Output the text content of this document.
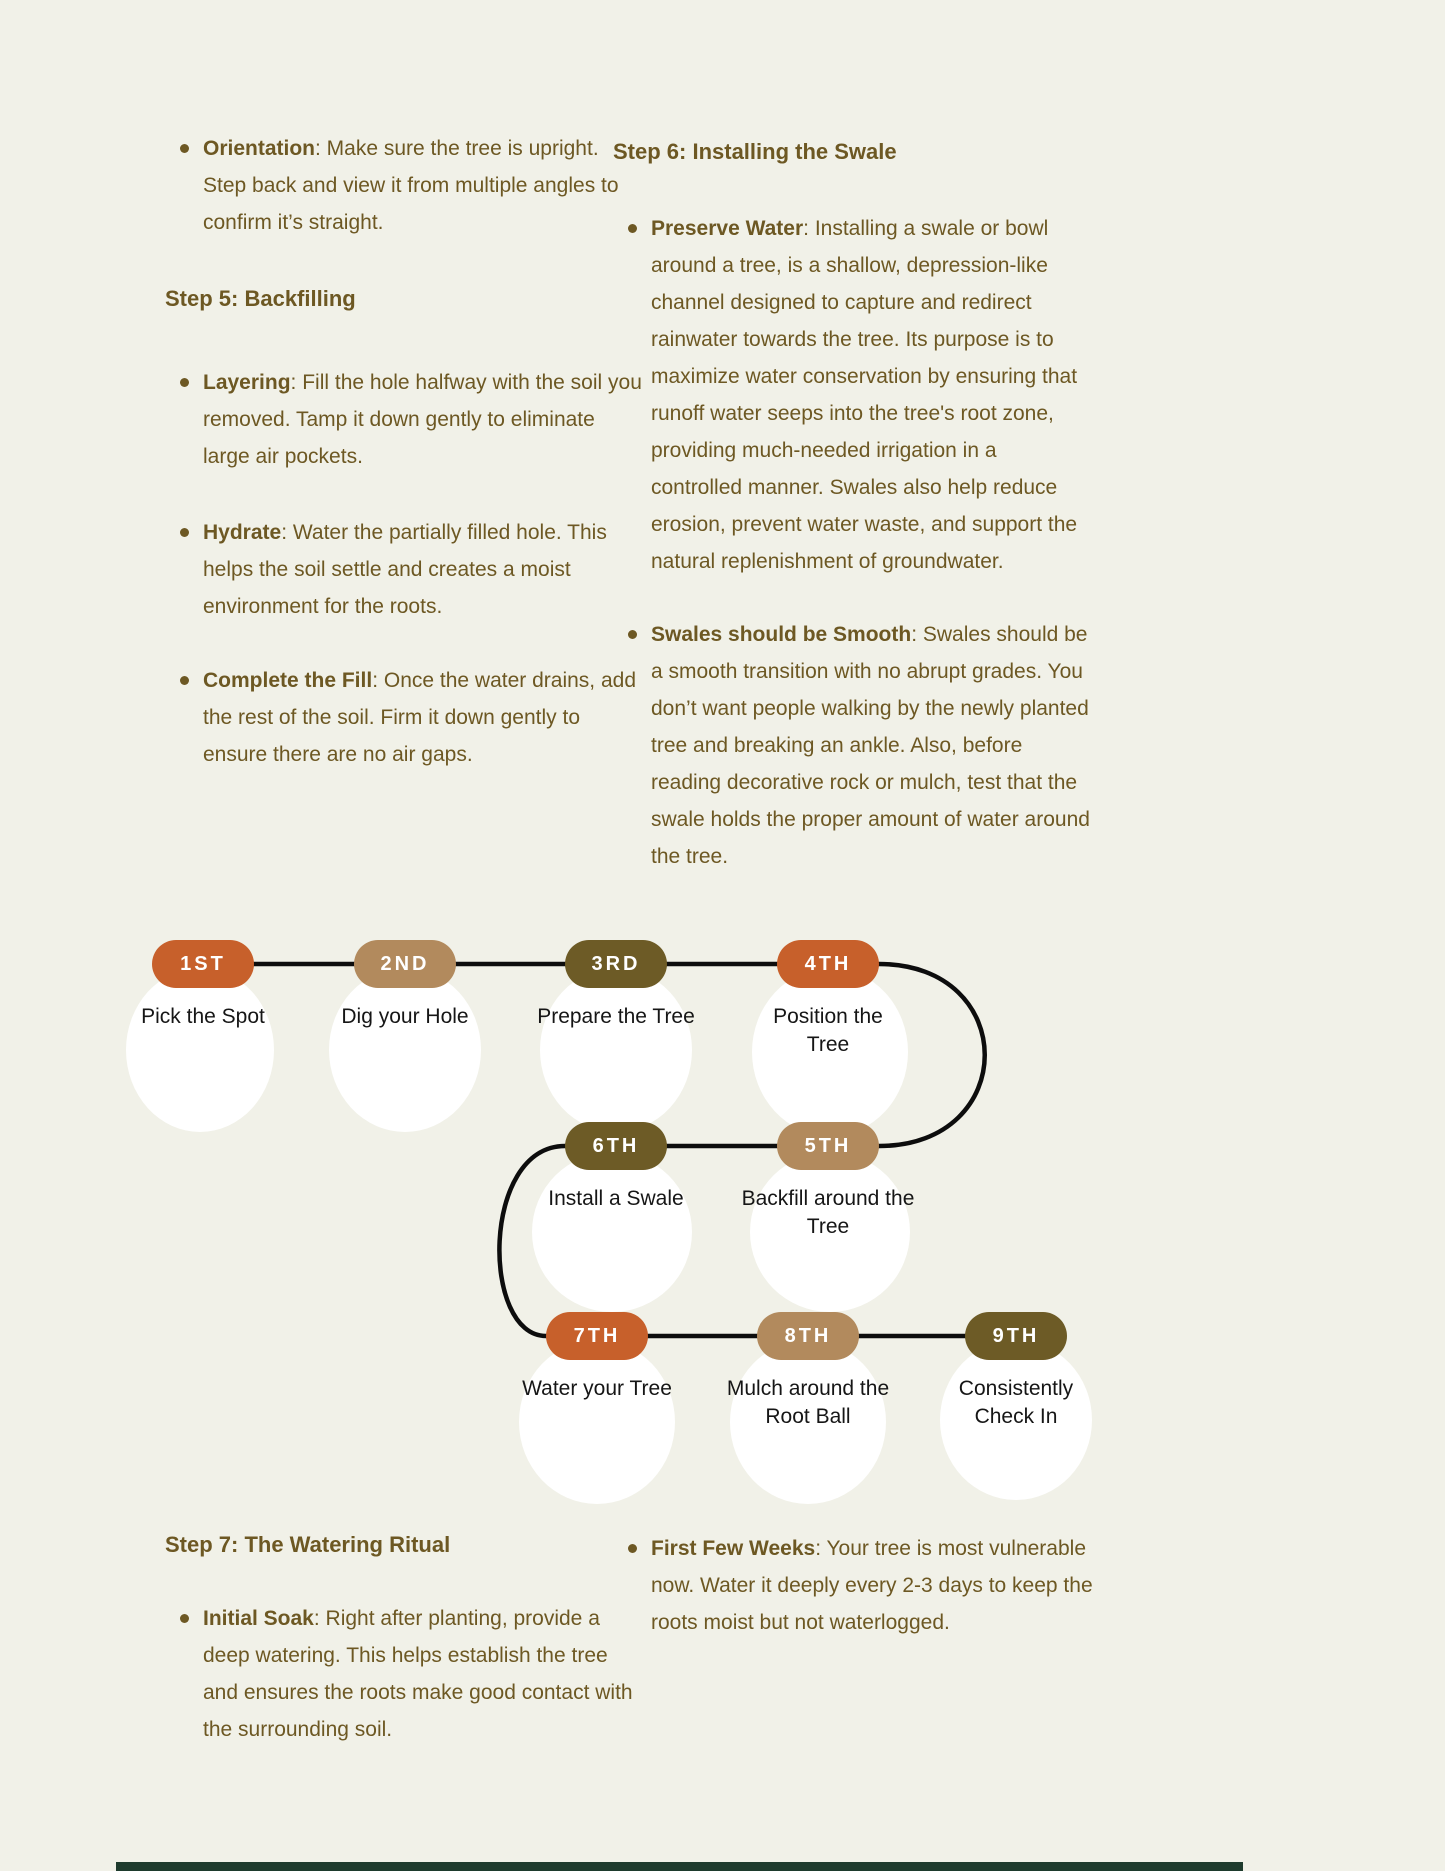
Orientation: Make sure the tree is upright. Step back and view it from multiple angles to confirm it’s straight.
Step 5: Backfilling
Layering: Fill the hole halfway with the soil you removed. Tamp it down gently to eliminate large air pockets.
Hydrate: Water the partially filled hole. This helps the soil settle and creates a moist environment for the roots.
Complete the Fill: Once the water drains, add the rest of the soil. Firm it down gently to ensure there are no air gaps.
Step 6: Installing the Swale
Preserve Water: Installing a swale or bowl around a tree, is a shallow, depression-like channel designed to capture and redirect rainwater towards the tree. Its purpose is to maximize water conservation by ensuring that runoff water seeps into the tree's root zone, providing much-needed irrigation in a controlled manner. Swales also help reduce erosion, prevent water waste, and support the natural replenishment of groundwater.
Swales should be Smooth: Swales should be a smooth transition with no abrupt grades. You don’t want people walking by the newly planted tree and breaking an ankle. Also, before reading decorative rock or mulch, test that the swale holds the proper amount of water around the tree.
1ST	2ND	3RD	4TH
5TH
6TH
7TH	8TH	9TH
Pick the Spot	Dig your Hole	Prepare the Tree	Position the Tree
Backfill around the Tree
Install a Swale
Water your Tree	Mulch around the Root Ball
Consistently Check In
Step 7: The Watering Ritual
Initial Soak: Right after planting, provide a deep watering. This helps establish the tree and ensures the roots make good contact with the surrounding soil.
First Few Weeks: Your tree is most vulnerable now. Water it deeply every 2-3 days to keep the roots moist but not waterlogged.
